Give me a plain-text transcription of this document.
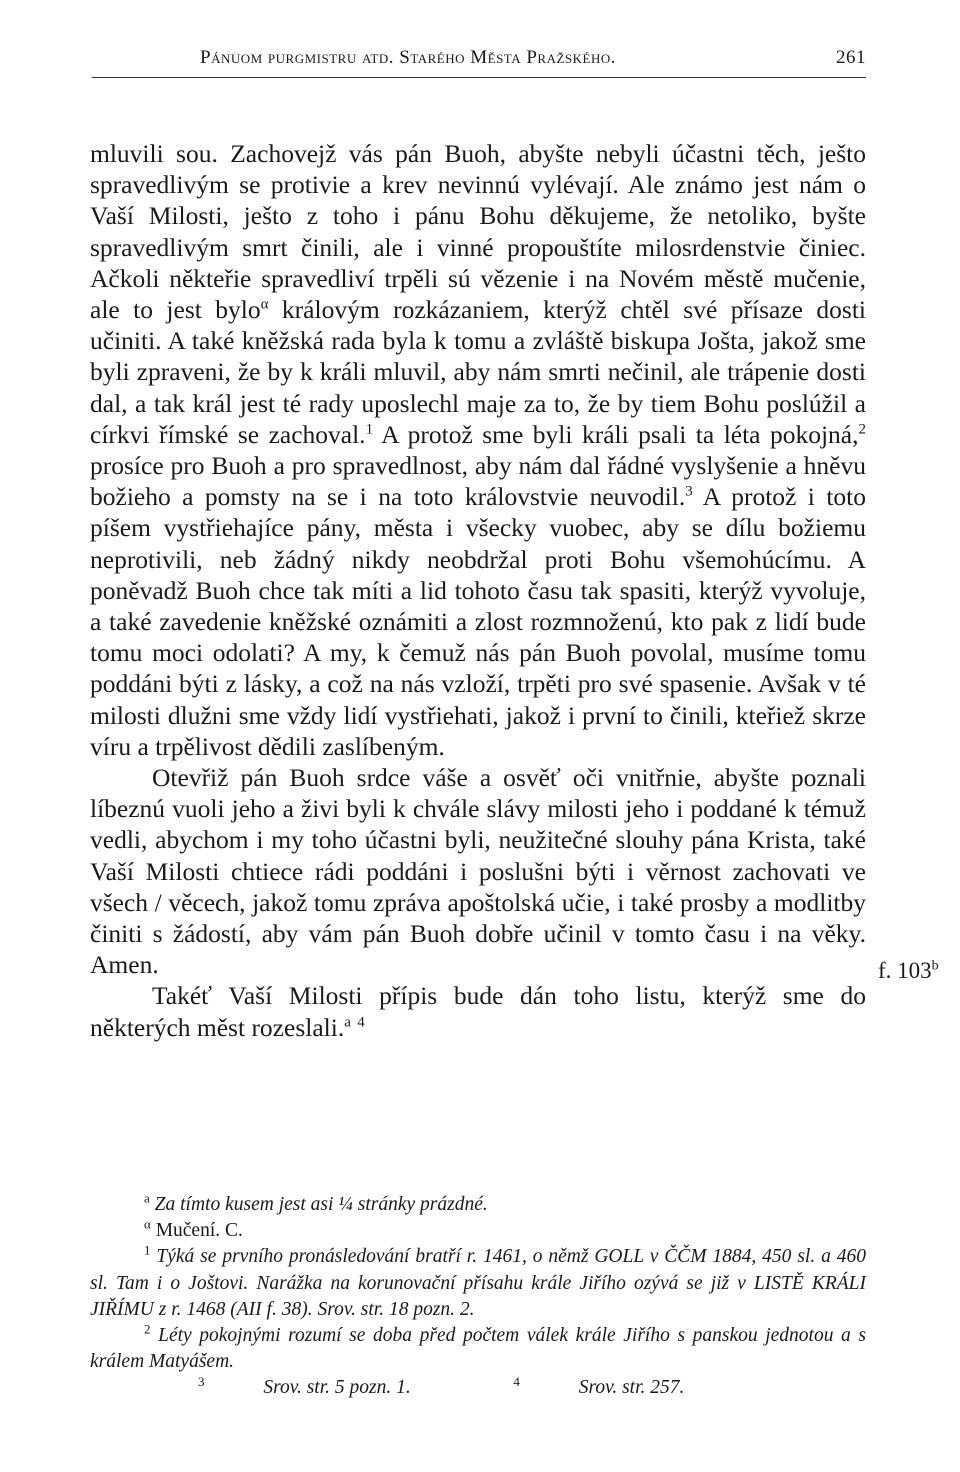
Pánuom purgmistru atd. Starého Města Pražského.	261

mluvili sou. Zachovejž vás pán Buoh, abyšte nebyli účastni těch, ješto spravedlivým se protivie a krev nevinnú vylévají. Ale známo jest nám o Vaší Milosti, ješto z toho i pánu Bohu děkujeme, že netoliko, byšte spravedlivým smrt činili, ale i vinné propouštíte milosrdenstvie činiec. Ačkoli někteřie spravedliví trpěli sú vězenie i na Novém městě mučenie, ale to jest bylo$^\alpha$ královým rozkázaniem, kterýž chtěl své přísaze dosti učiniti. A také kněžská rada byla k tomu a zvláště biskupa Jošta, jakož sme byli zpraveni, že by k králi mluvil, aby nám smrti nečinil, ale trápenie dosti dal, a tak král jest té rady uposlechl maje za to, že by tiem Bohu poslúžil a církvi římské se zachoval.$^1$ A protož sme byli králi psali ta léta pokojná,$^2$ prosíce pro Buoh a pro spravedlnost, aby nám dal řádné vyslyšenie a hněvu božieho a pomsty na se i na toto královstvie neuvodil.$^3$ A protož i toto píšem vystřiehajíce pány, města i všecky vuobec, aby se dílu božiemu neprotivili, neb žádný nikdy neobdržal proti Bohu všemohúcímu. A poněvadž Buoh chce tak míti a lid tohoto času tak spasiti, kterýž vyvoluje, a také zavedenie kněžské oznámiti a zlost rozmnoženú, kto pak z lidí bude tomu moci odolati? A my, k čemuž nás pán Buoh povolal, musíme tomu poddáni býti z lásky, a což na nás vzloží, trpěti pro své spasenie. Avšak v té milosti dlužni sme vždy lidí vystřiehati, jakož i první to činili, kteřiež skrze víru a trpělivost dědili zaslíbeným.

Otevřiž pán Buoh srdce váše a osvěť oči vnitřnie, abyšte poznali líbeznú vuoli jeho a živi byli k chvále slávy milosti jeho i poddané k témuž vedli, abychom i my toho účastni byli, neužitečné slouhy pána Krista, také Vaší Milosti chtiece rádi poddáni i poslušni býti i věrnost zachovati ve všech / věcech, jakož tomu zpráva apoštolská učie, i také prosby a modlitby činiti s žádostí, aby vám pán Buoh dobře učinil v tomto času i na věky. Amen.

Takéť Vaší Milosti přípis bude dán toho listu, kterýž sme do některých měst rozeslali.$^a$ $^4$

f. 103$^b$

$^a$ Za tímto kusem jest asi ¼ stránky prázdné.

$^\alpha$ Mučení. C.

$^1$ Týká se prvního pronásledování bratří r. 1461, o němž GOLL v ČČM 1884, 450 sl. a 460 sl. Tam i o Joštovi. Narážka na korunovační přísahu krále Jiřího ozývá se již v LISTĚ KRÁLI JIŘÍMU z r. 1468 (AII f. 38). Srov. str. 18 pozn. 2.

$^2$ Léty pokojnými rozumí se doba před počtem válek krále Jiřího s panskou jednotou a s králem Matyášem.

3	Srov. str. 5 pozn. 1.	4	Srov. str. 257.
